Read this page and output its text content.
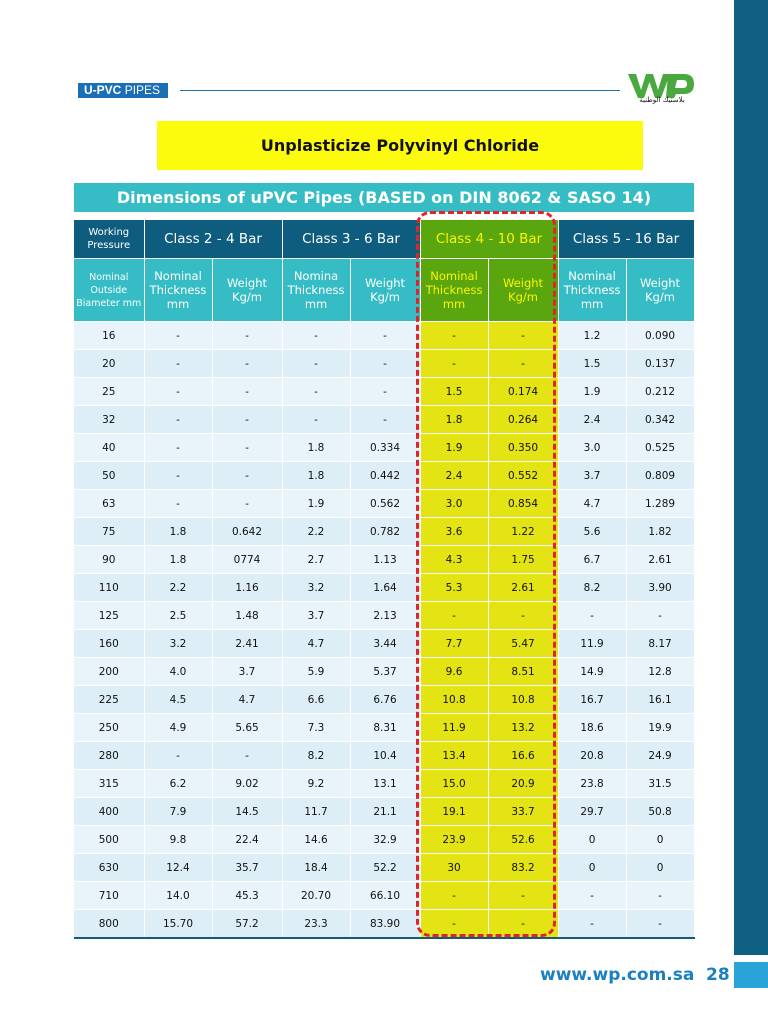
U-PVC PIPES	WP
بلاستيك الوطنية
Unplasticize Polyvinyl Chloride
Dimensions of uPVC Pipes (BASED on DIN 8062 & SASO 14)
Working Pressure	Class 2 - 4 Bar		Class 3 - 6 Bar		Class 4 - 10 Bar		Class 5 - 16 Bar	
Nominal Outside Biameter mm	Nominal Thickness mm	Weight Kg/m	Nomina Thickness mm	Weight Kg/m	Nominal Thickness mm	Weight Kg/m	Nominal Thickness mm	Weight Kg/m
16	-	-	-	-	-	-	1.2	0.090
20	-	-	-	-	-	-	1.5	0.137
25	-	-	-	-	1.5	0.174	1.9	0.212
32	-	-	-	-	1.8	0.264	2.4	0.342
40	-	-	1.8	0.334	1.9	0.350	3.0	0.525
50	-	-	1.8	0.442	2.4	0.552	3.7	0.809
63	-	-	1.9	0.562	3.0	0.854	4.7	1.289
75	1.8	0.642	2.2	0.782	3.6	1.22	5.6	1.82
90	1.8	0774	2.7	1.13	4.3	1.75	6.7	2.61
110	2.2	1.16	3.2	1.64	5.3	2.61	8.2	3.90
125	2.5	1.48	3.7	2.13	-	-	-	-
160	3.2	2.41	4.7	3.44	7.7	5.47	11.9	8.17
200	4.0	3.7	5.9	5.37	9.6	8.51	14.9	12.8
225	4.5	4.7	6.6	6.76	10.8	10.8	16.7	16.1
250	4.9	5.65	7.3	8.31	11.9	13.2	18.6	19.9
280	-	-	8.2	10.4	13.4	16.6	20.8	24.9
315	6.2	9.02	9.2	13.1	15.0	20.9	23.8	31.5
400	7.9	14.5	11.7	21.1	19.1	33.7	29.7	50.8
500	9.8	22.4	14.6	32.9	23.9	52.6	0	0
630	12.4	35.7	18.4	52.2	30	83.2	0	0
710	14.0	45.3	20.70	66.10	-	-	-	-
800	15.70	57.2	23.3	83.90	-	-	-	-
www.wp.com.sa 28
